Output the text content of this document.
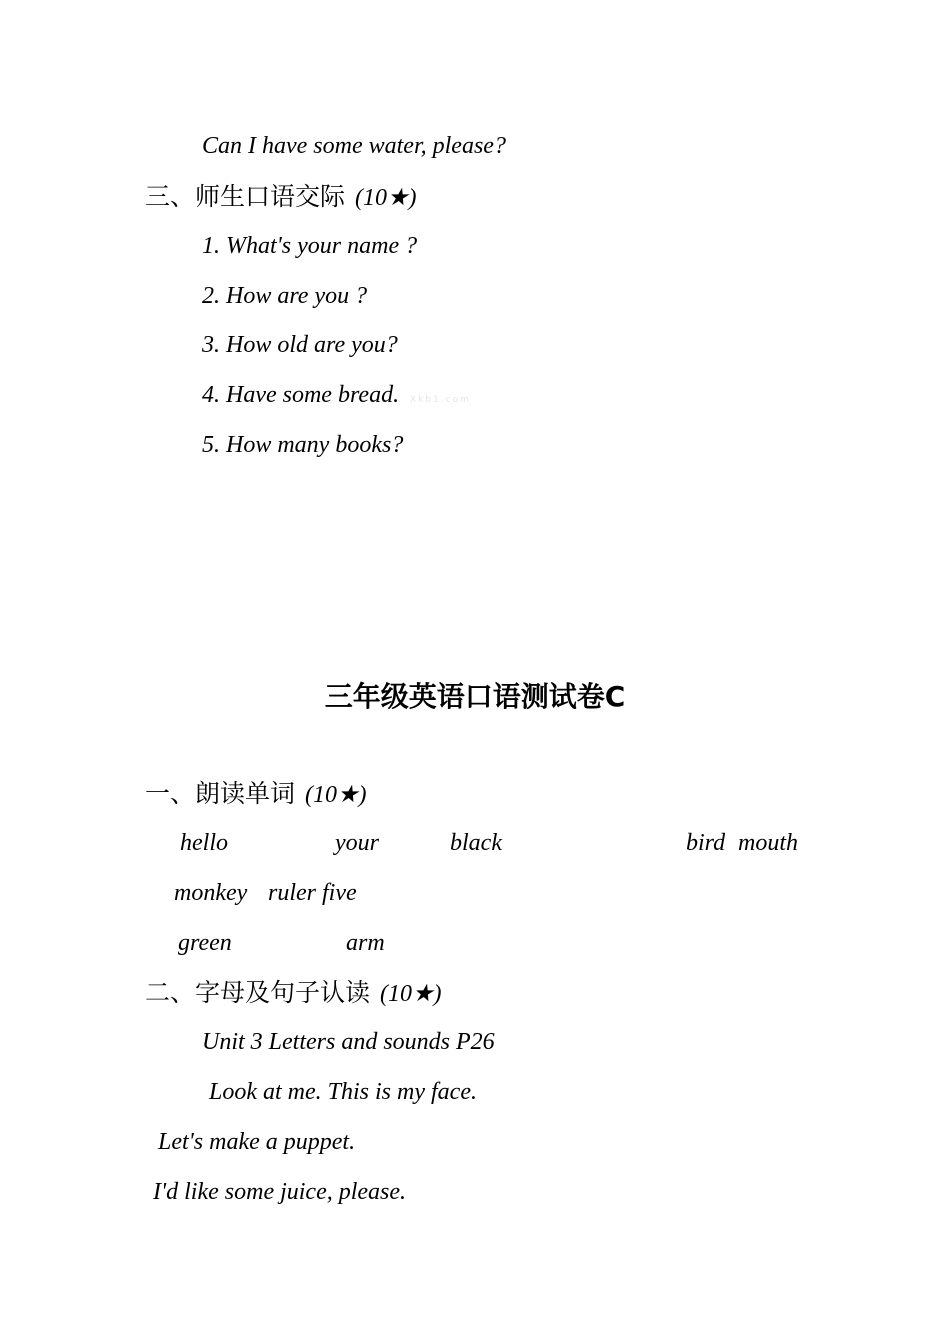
Can I have some water, please?
三、师生口语交际 (10★)
1. What's your name ?
2. How are you ?
3. How old are you?
4. Have some bread. Xkb1.com
5. How many books?
三年级英语口语测试卷C
一、朗读单词 (10★)
hello	your	black	bird mouth
monkey ruler five
green	arm
二、字母及句子认读 (10★)
Unit 3 Letters and sounds P26
Look at me. This is my face.
Let's make a puppet.
I'd like some juice, please.
